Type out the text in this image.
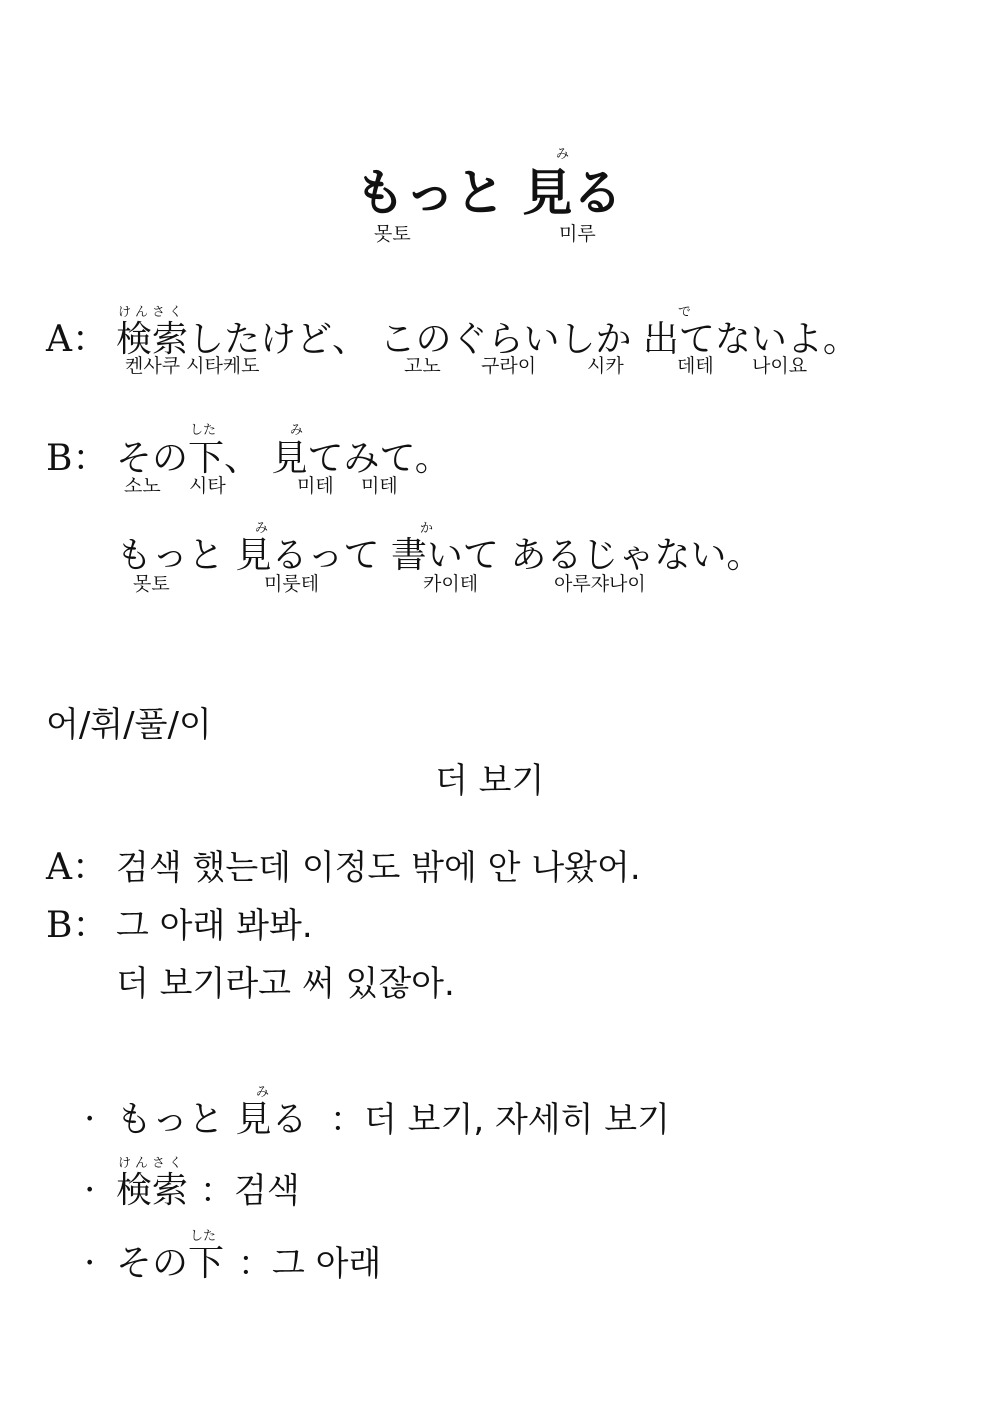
み
もっと 見る
못토	미루
けんさく	で
A： 検索したけど、 このぐらいしか 出てないよ。
켄사쿠 시타케도	고노 구라이	시카	데테 나이요
した	み
B： その下、 見てみて。
소노 시타	미테 미테
み	か
もっと 見るって 書いて あるじゃない。
못토	미룻테	카이테	아루쟈나이
어/휘/풀/이
더 보기
A： 검색 했는데 이정도 밖에 안 나왔어.
B： 그 아래 봐봐.
더 보기라고 써 있잖아.
み
· もっと 見る ：더 보기, 자세히 보기
けんさく
· 検索 ：검색
した
· その下 ：그 아래
